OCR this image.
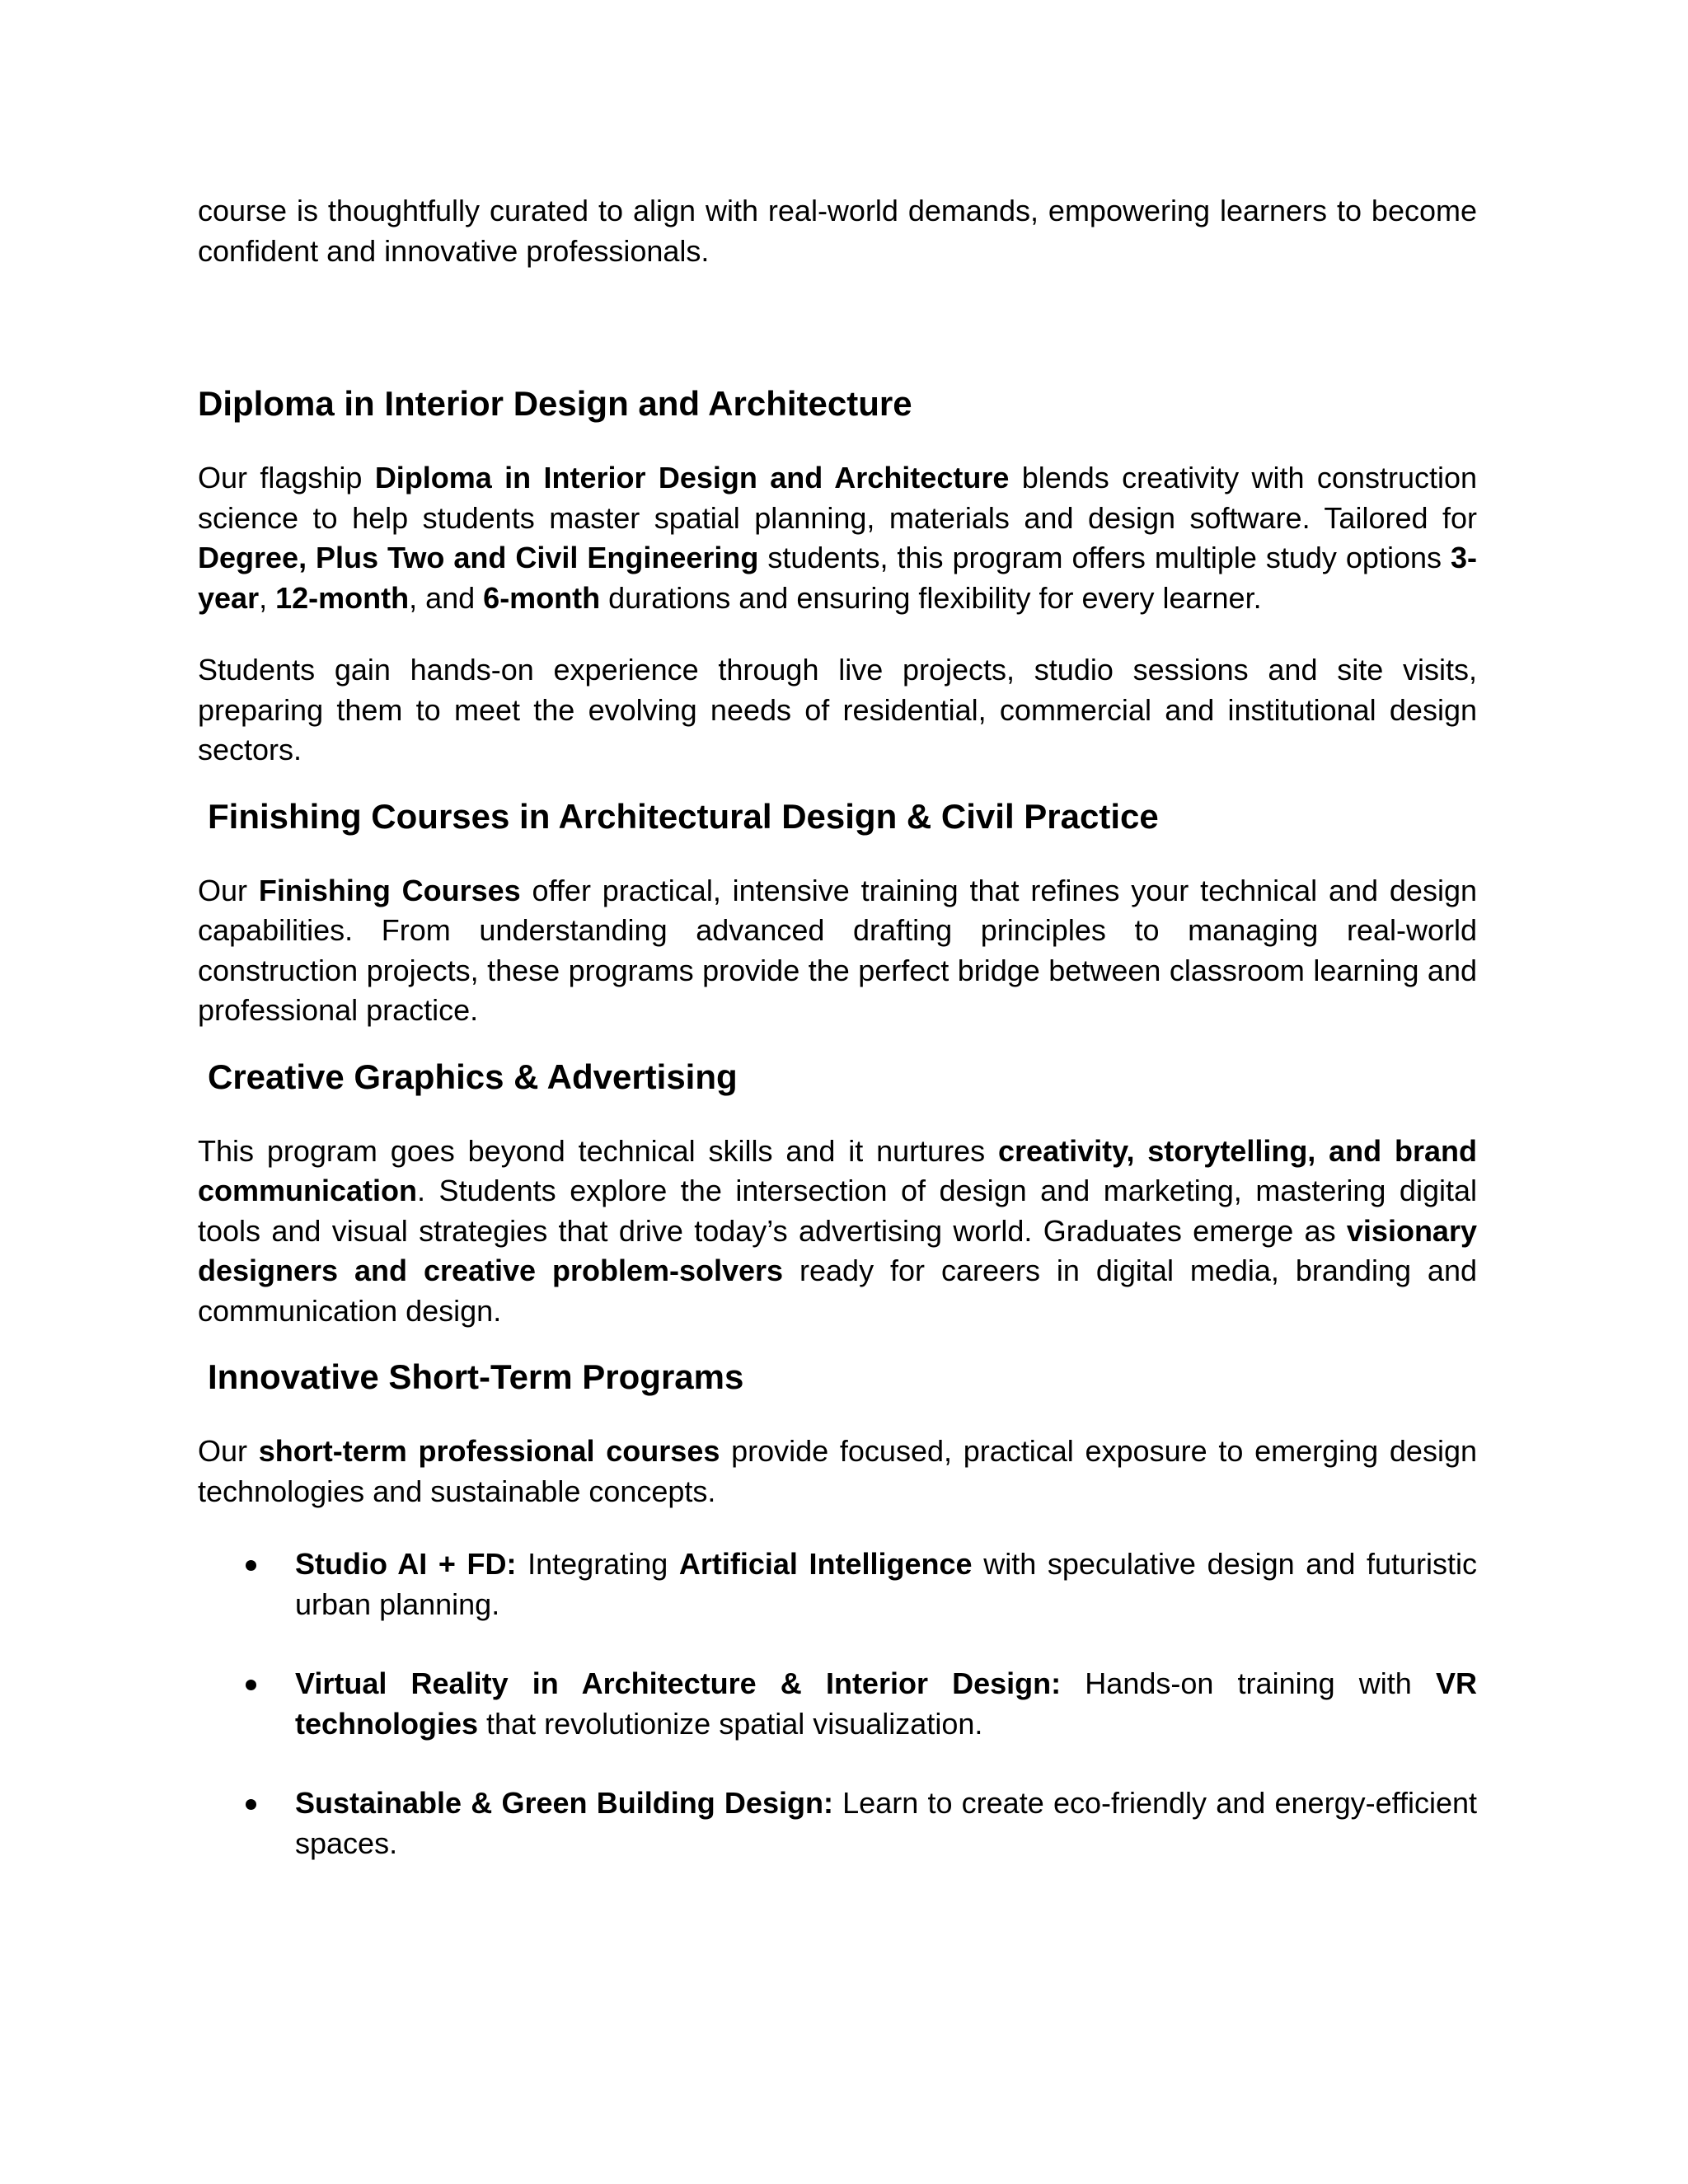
course is thoughtfully curated to align with real-world demands, empowering learners to become confident and innovative professionals.

Diploma in Interior Design and Architecture

Our flagship Diploma in Interior Design and Architecture blends creativity with construction science to help students master spatial planning, materials and design software. Tailored for Degree, Plus Two and Civil Engineering students, this program offers multiple study options 3-year, 12-month, and 6-month durations and ensuring flexibility for every learner.

Students gain hands-on experience through live projects, studio sessions and site visits, preparing them to meet the evolving needs of residential, commercial and institutional design sectors.

Finishing Courses in Architectural Design & Civil Practice

Our Finishing Courses offer practical, intensive training that refines your technical and design capabilities. From understanding advanced drafting principles to managing real-world construction projects, these programs provide the perfect bridge between classroom learning and professional practice.

Creative Graphics & Advertising

This program goes beyond technical skills and it nurtures creativity, storytelling, and brand communication. Students explore the intersection of design and marketing, mastering digital tools and visual strategies that drive today’s advertising world. Graduates emerge as visionary designers and creative problem-solvers ready for careers in digital media, branding and communication design.

Innovative Short-Term Programs

Our short-term professional courses provide focused, practical exposure to emerging design technologies and sustainable concepts.

Studio AI + FD: Integrating Artificial Intelligence with speculative design and futuristic urban planning.
Virtual Reality in Architecture & Interior Design: Hands-on training with VR technologies that revolutionize spatial visualization.
Sustainable & Green Building Design: Learn to create eco-friendly and energy-efficient spaces.
